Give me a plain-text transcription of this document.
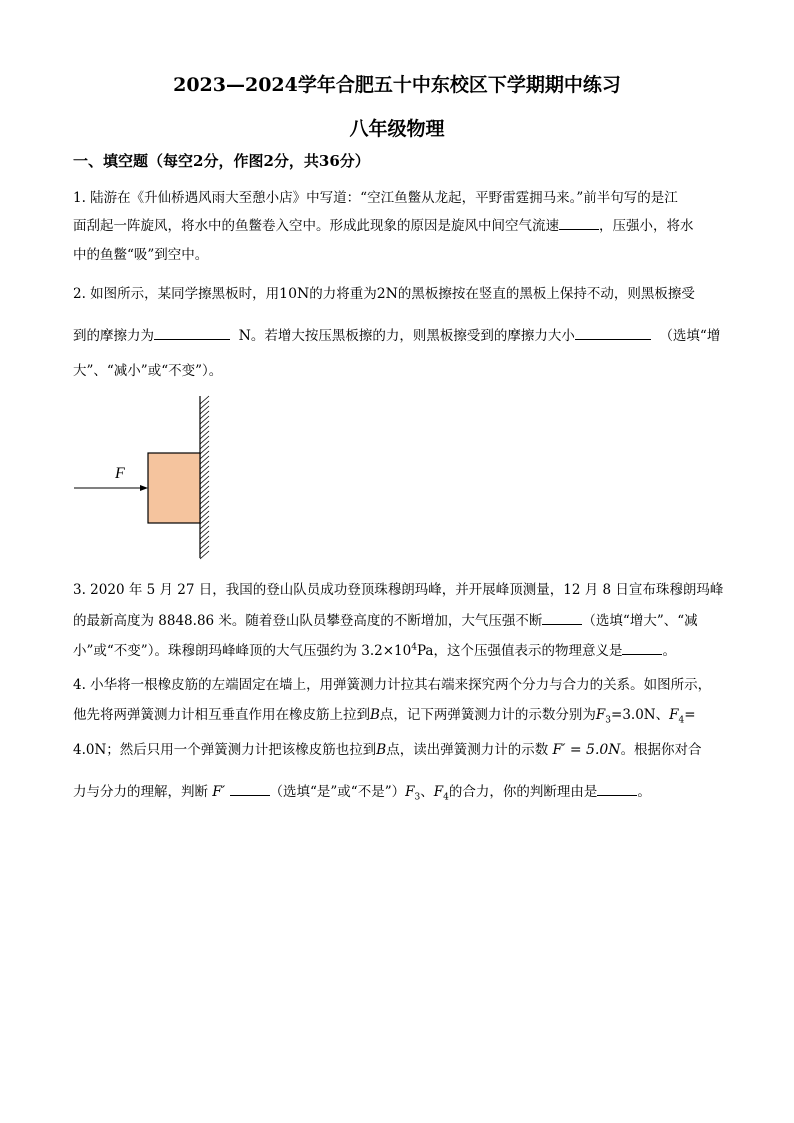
2023—2024学年合肥五十中东校区下学期期中练习
八年级物理
一、填空题（每空2分，作图2分，共36分）
1. 陆游在《升仙桥遇风雨大至憩小店》中写道：“空江鱼鳖从龙起，平野雷霆拥马来。”前半句写的是江
面刮起一阵旋风，将水中的鱼鳖卷入空中。形成此现象的原因是旋风中间空气流速	，压强小，将水
中的鱼鳖“吸”到空中。
2. 如图所示，某同学擦黑板时，用10N的力将重为2N的黑板擦按在竖直的黑板上保持不动，则黑板擦受
到的摩擦力为	N。若增大按压黑板擦的力，则黑板擦受到的摩擦力大小	（选填“增
大”、“减小”或“不变”）。
F
3. 2020 年 5 月 27 日，我国的登山队员成功登顶珠穆朗玛峰，并开展峰顶测量，12 月 8 日宣布珠穆朗玛峰
的最新高度为 8848.86 米。随着登山队员攀登高度的不断增加，大气压强不断	（选填“增大”、“减
小”或“不变”）。珠穆朗玛峰峰顶的大气压强约为 $3.2\times 10^4Pa$，这个压强值表示的物理意义是	。
4. 小华将一根橡皮筋的左端固定在墙上，用弹簧测力计拉其右端来探究两个分力与合力的关系。如图所示，
他先将两弹簧测力计相互垂直作用在橡皮筋上拉到B点，记下两弹簧测力计的示数分别为$F_3=3.0N$、$F_4=$
4.0N；然后只用一个弹簧测力计把该橡皮筋也拉到B点，读出弹簧测力计的示数 F′ = 5.0N。根据你对合
力与分力的理解，判断 F′	（选填“是”或“不是$”)F_3$、$F_4$的合力，你的判断理由是	。
